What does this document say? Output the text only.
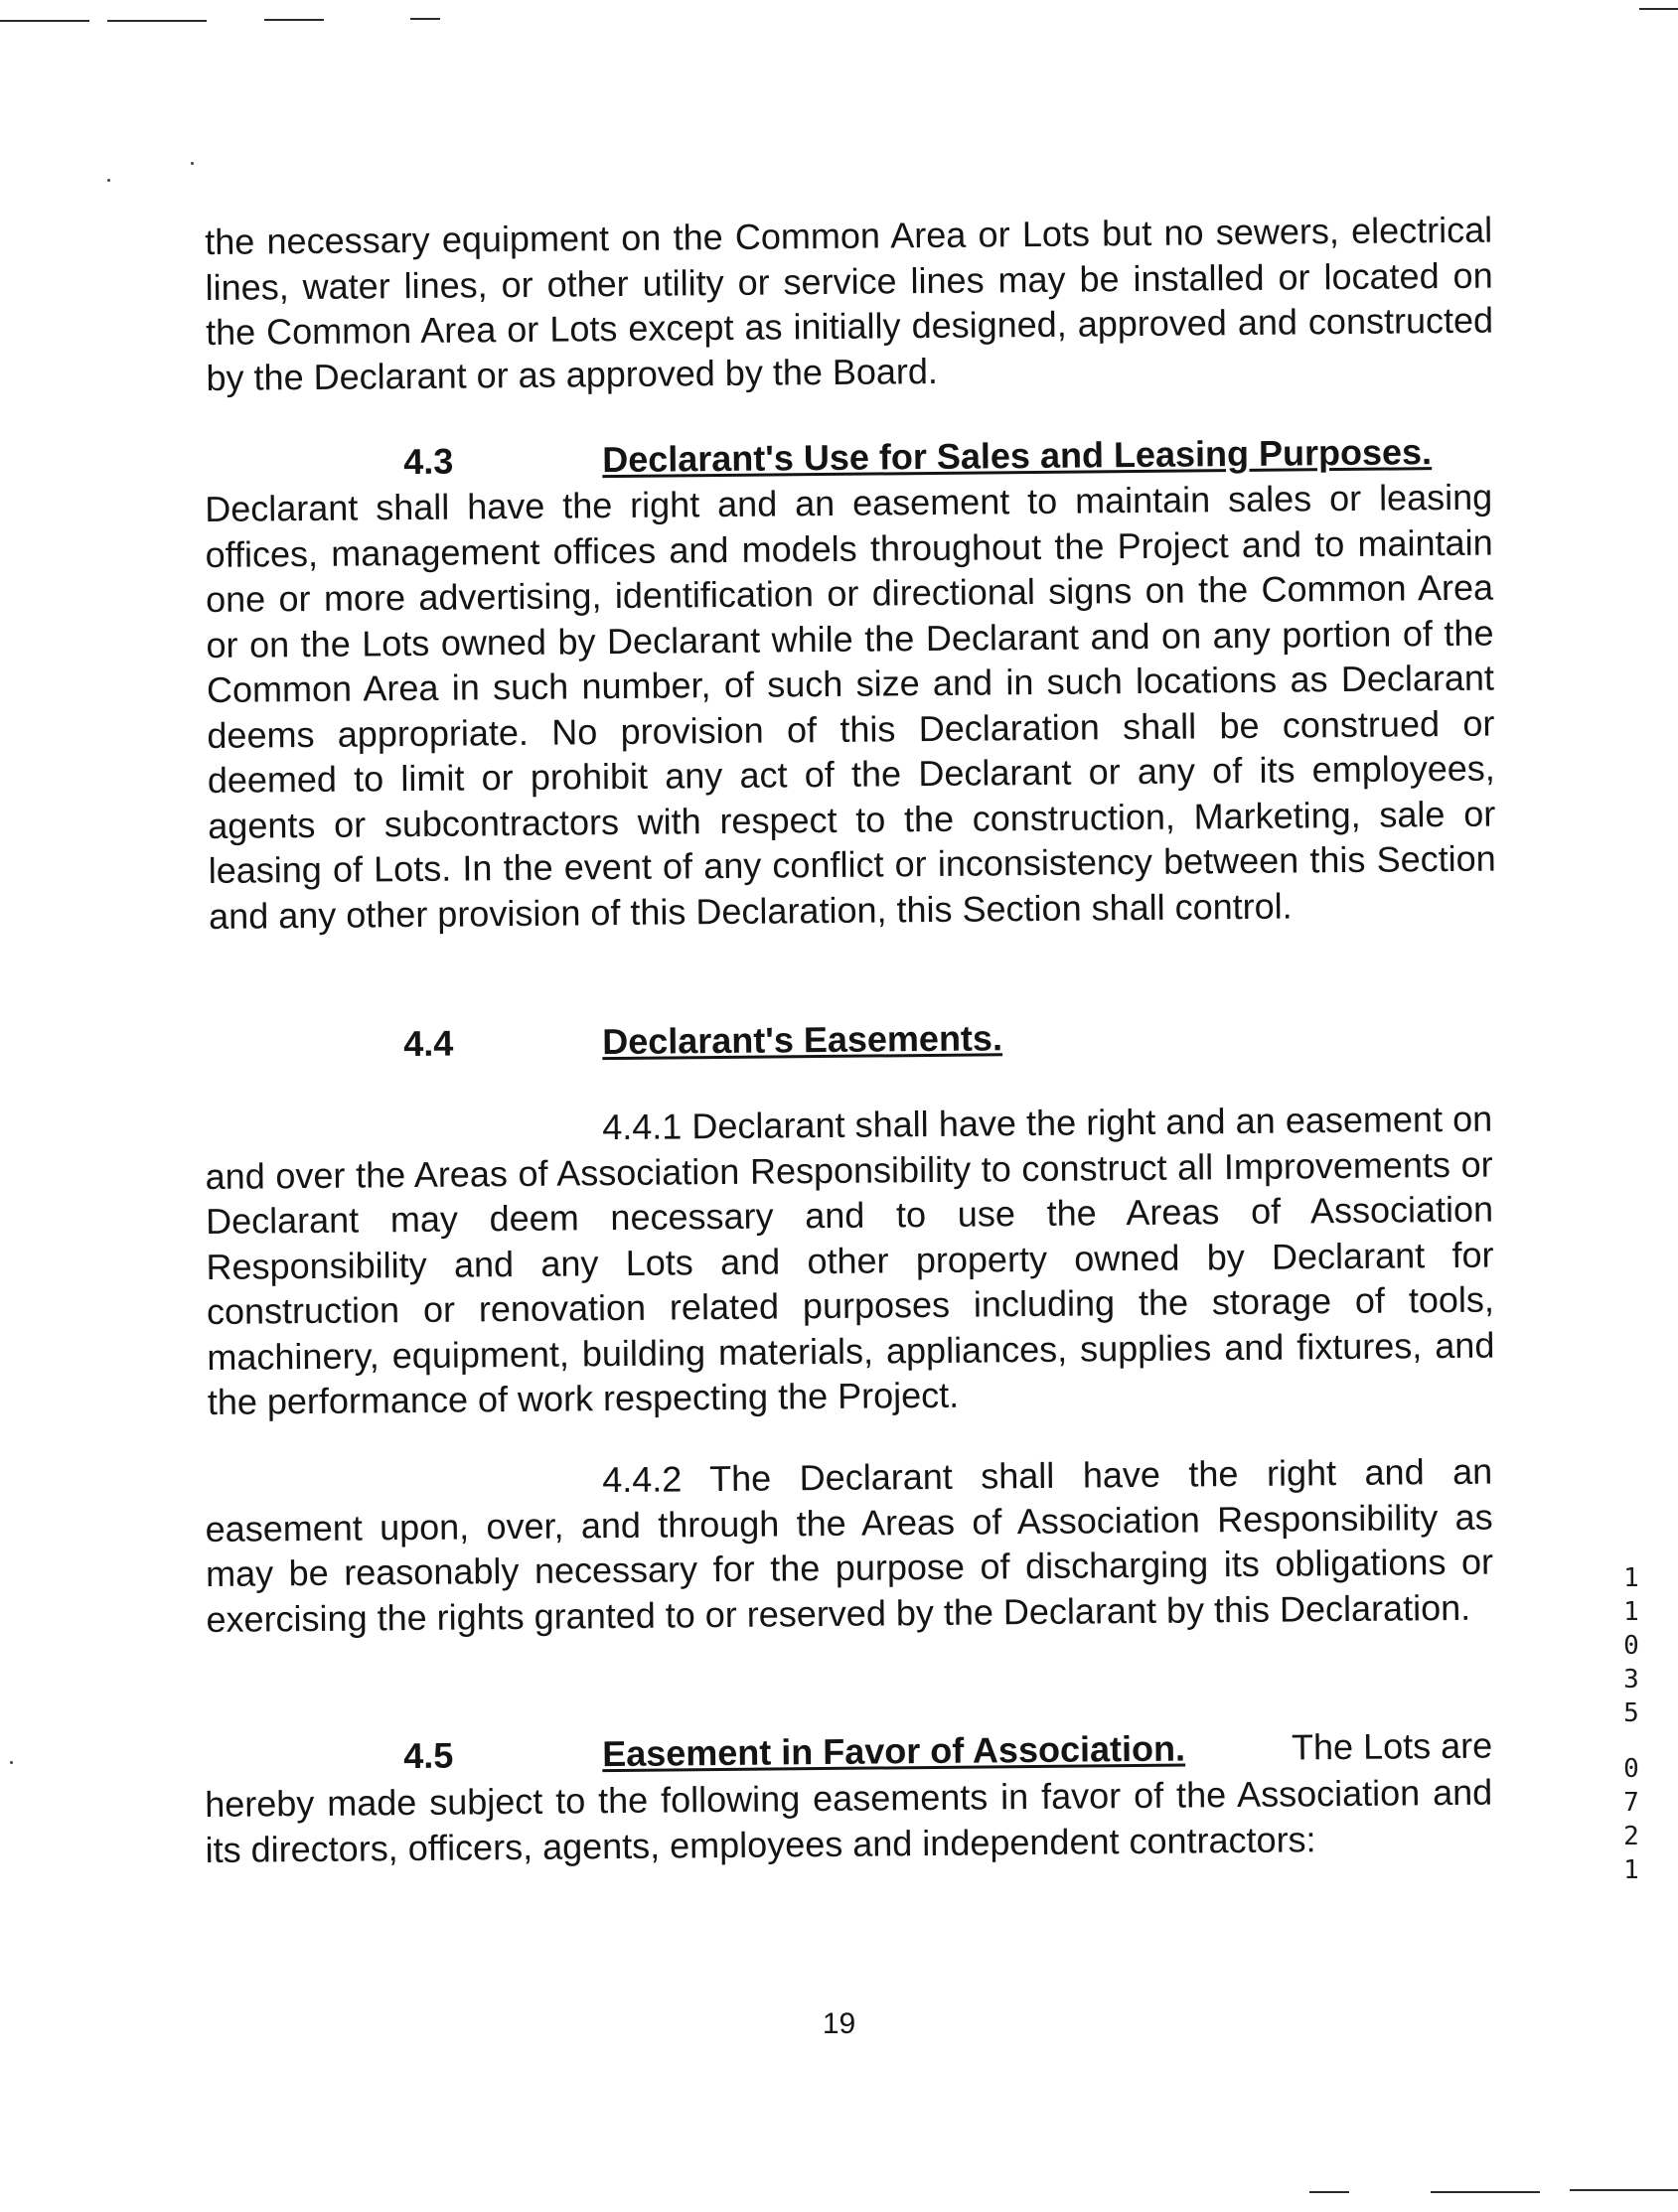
the necessary equipment on the Common Area or Lots but no sewers, electrical lines, water lines, or other utility or service lines may be installed or located on the Common Area or Lots except as initially designed, approved and constructed by the Declarant or as approved by the Board.

4.3	Declarant's Use for Sales and Leasing Purposes.

Declarant shall have the right and an easement to maintain sales or leasing offices, management offices and models throughout the Project and to maintain one or more advertising, identification or directional signs on the Common Area or on the Lots owned by Declarant while the Declarant and on any portion of the Common Area in such number, of such size and in such locations as Declarant deems appropriate. No provision of this Declaration shall be construed or deemed to limit or prohibit any act of the Declarant or any of its employees, agents or subcontractors with respect to the construction, Marketing, sale or leasing of Lots. In the event of any conflict or inconsistency between this Section and any other provision of this Declaration, this Section shall control.

4.4	Declarant's Easements.

4.4.1 Declarant shall have the right and an easement on and over the Areas of Association Responsibility to construct all Improvements or Declarant may deem necessary and to use the Areas of Association Responsibility and any Lots and other property owned by Declarant for construction or renovation related purposes including the storage of tools, machinery, equipment, building materials, appliances, supplies and fixtures, and the performance of work respecting the Project.

4.4.2 The Declarant shall have the right and an easement upon, over, and through the Areas of Association Responsibility as may be reasonably necessary for the purpose of discharging its obligations or exercising the rights granted to or reserved by the Declarant by this Declaration.

4.5	Easement in Favor of Association.	The Lots are

hereby made subject to the following easements in favor of the Association and its directors, officers, agents, employees and independent contractors:

19
1
1
0
3
5
0
7
2
1
